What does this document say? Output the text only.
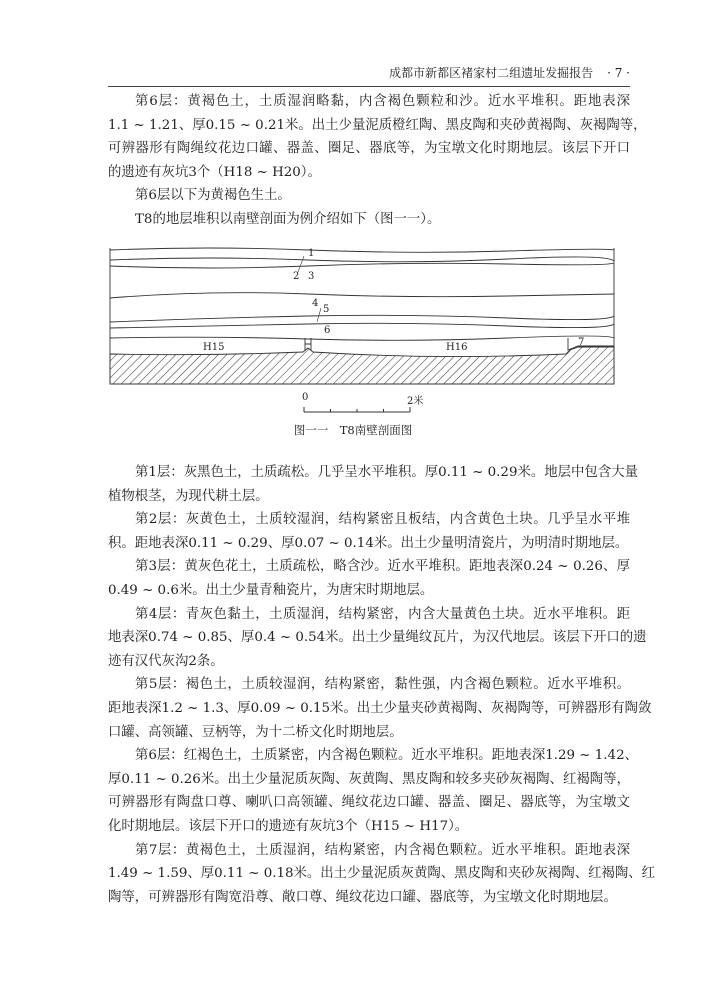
成都市新都区褚家村二组遗址发掘报告 · 7 ·
第6层：黄褐色土，土质湿润略黏，内含褐色颗粒和沙。近水平堆积。距地表深
1.1 ~ 1.21、厚0.15 ~ 0.21米。出土少量泥质橙红陶、黑皮陶和夹砂黄褐陶、灰褐陶等，
可辨器形有陶绳纹花边口罐、器盖、圈足、器底等，为宝墩文化时期地层。该层下开口
的遗迹有灰坑3个（H18 ~ H20）。
第6层以下为黄褐色生土。
T8的地层堆积以南壁剖面为例介绍如下（图一一）。
1
2 3
4
5
6
7
H15	H16
0	2米
图一一　T8南壁剖面图
第1层：灰黑色土，土质疏松。几乎呈水平堆积。厚0.11 ~ 0.29米。地层中包含大量
植物根茎，为现代耕土层。
第2层：灰黄色土，土质较湿润，结构紧密且板结，内含黄色土块。几乎呈水平堆
积。距地表深0.11 ~ 0.29、厚0.07 ~ 0.14米。出土少量明清瓷片，为明清时期地层。
第3层：黄灰色花土，土质疏松，略含沙。近水平堆积。距地表深0.24 ~ 0.26、厚
0.49 ~ 0.6米。出土少量青釉瓷片，为唐宋时期地层。
第4层：青灰色黏土，土质湿润，结构紧密，内含大量黄色土块。近水平堆积。距
地表深0.74 ~ 0.85、厚0.4 ~ 0.54米。出土少量绳纹瓦片，为汉代地层。该层下开口的遗
迹有汉代灰沟2条。
第5层：褐色土，土质较湿润，结构紧密，黏性强，内含褐色颗粒。近水平堆积。
距地表深1.2 ~ 1.3、厚0.09 ~ 0.15米。出土少量夹砂黄褐陶、灰褐陶等，可辨器形有陶敛
口罐、高领罐、豆柄等，为十二桥文化时期地层。
第6层：红褐色土，土质紧密，内含褐色颗粒。近水平堆积。距地表深1.29 ~ 1.42、
厚0.11 ~ 0.26米。出土少量泥质灰陶、灰黄陶、黑皮陶和较多夹砂灰褐陶、红褐陶等，
可辨器形有陶盘口尊、喇叭口高领罐、绳纹花边口罐、器盖、圈足、器底等，为宝墩文
化时期地层。该层下开口的遗迹有灰坑3个（H15 ~ H17）。
第7层：黄褐色土，土质湿润，结构紧密，内含褐色颗粒。近水平堆积。距地表深
1.49 ~ 1.59、厚0.11 ~ 0.18米。出土少量泥质灰黄陶、黑皮陶和夹砂灰褐陶、红褐陶、红
陶等，可辨器形有陶宽沿尊、敞口尊、绳纹花边口罐、器底等，为宝墩文化时期地层。
